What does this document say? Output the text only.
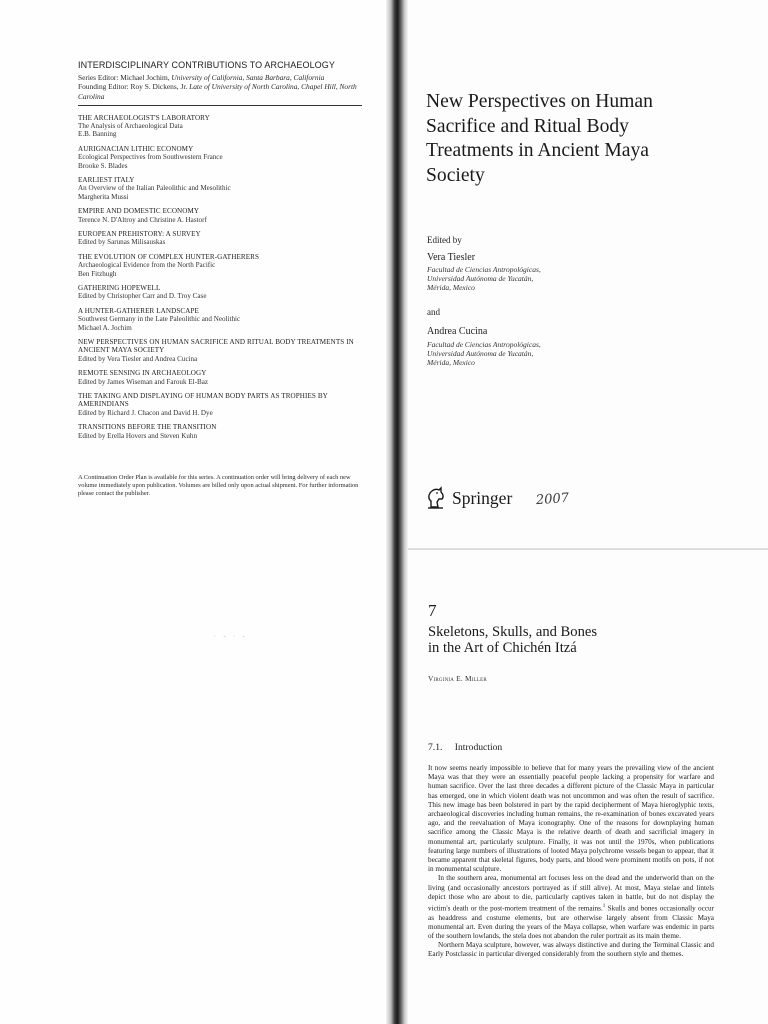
INTERDISCIPLINARY CONTRIBUTIONS TO ARCHAEOLOGY
Series Editor: Michael Jochim, University of California, Santa Barbara, California
Founding Editor: Roy S. Dickens, Jr. Late of University of North Carolina, Chapel Hill, North Carolina
THE ARCHAEOLOGIST'S LABORATORY
The Analysis of Archaeological Data
E.B. Banning
AURIGNACIAN LITHIC ECONOMY
Ecological Perspectives from Southwestern France
Brooke S. Blades
EARLIEST ITALY
An Overview of the Italian Paleolithic and Mesolithic
Margherita Mussi
EMPIRE AND DOMESTIC ECONOMY
Terence N. D'Altroy and Christine A. Hastorf
EUROPEAN PREHISTORY: A SURVEY
Edited by Sarunas Milisauskas
THE EVOLUTION OF COMPLEX HUNTER-GATHERERS
Archaeological Evidence from the North Pacific
Ben Fitzhugh
GATHERING HOPEWELL
Edited by Christopher Carr and D. Troy Case
A HUNTER-GATHERER LANDSCAPE
Southwest Germany in the Late Paleolithic and Neolithic
Michael A. Jochim
NEW PERSPECTIVES ON HUMAN SACRIFICE AND RITUAL BODY TREATMENTS IN ANCIENT MAYA SOCIETY
Edited by Vera Tiesler and Andrea Cucina
REMOTE SENSING IN ARCHAEOLOGY
Edited by James Wiseman and Farouk El-Baz
THE TAKING AND DISPLAYING OF HUMAN BODY PARTS AS TROPHIES BY AMERINDIANS
Edited by Richard J. Chacon and David H. Dye
TRANSITIONS BEFORE THE TRANSITION
Edited by Erella Hovers and Steven Kuhn
A Continuation Order Plan is available for this series. A continuation order will bring delivery of each new volume immediately upon publication. Volumes are billed only upon actual shipment. For further information please contact the publisher.
· ‑ · ‑
New Perspectives on Human
Sacrifice and Ritual Body
Treatments in Ancient Maya
Society
Edited by
Vera Tiesler
Facultad de Ciencias Antropológicas,
Universidad Autónoma de Yucatán,
Mérida, Mexico
and
Andrea Cucina
Facultad de Ciencias Antropológicas,
Universidad Autónoma de Yucatán,
Mérida, Mexico
Springer 2007
7
Skeletons, Skulls, and Bones
in the Art of Chichén Itzá
Virginia E. Miller
7.1. Introduction

It now seems nearly impossible to believe that for many years the prevailing view of the ancient Maya was that they were an essentially peaceful people lacking a propensity for warfare and human sacrifice. Over the last three decades a different picture of the Classic Maya in particular has emerged, one in which violent death was not uncommon and was often the result of sacrifice. This new image has been bolstered in part by the rapid decipherment of Maya hieroglyphic texts, archaeological discoveries including human remains, the re-examination of bones excavated years ago, and the reevaluation of Maya iconography. One of the reasons for downplaying human sacrifice among the Classic Maya is the relative dearth of death and sacrificial imagery in monumental art, particularly sculpture. Finally, it was not until the 1970s, when publications featuring large numbers of illustrations of looted Maya polychrome vessels began to appear, that it became apparent that skeletal figures, body parts, and blood were prominent motifs on pots, if not in monumental sculpture.

In the southern area, monumental art focuses less on the dead and the underworld than on the living (and occasionally ancestors portrayed as if still alive). At most, Maya stelae and lintels depict those who are about to die, particularly captives taken in battle, but do not display the victim's death or the post-mortem treatment of the remains.$^1$ Skulls and bones occasionally occur as headdress and costume elements, but are otherwise largely absent from Classic Maya monumental art. Even during the years of the Maya collapse, when warfare was endemic in parts of the southern lowlands, the stela does not abandon the ruler portrait as its main theme.

Northern Maya sculpture, however, was always distinctive and during the Terminal Classic and Early Postclassic in particular diverged considerably from the southern style and themes.
